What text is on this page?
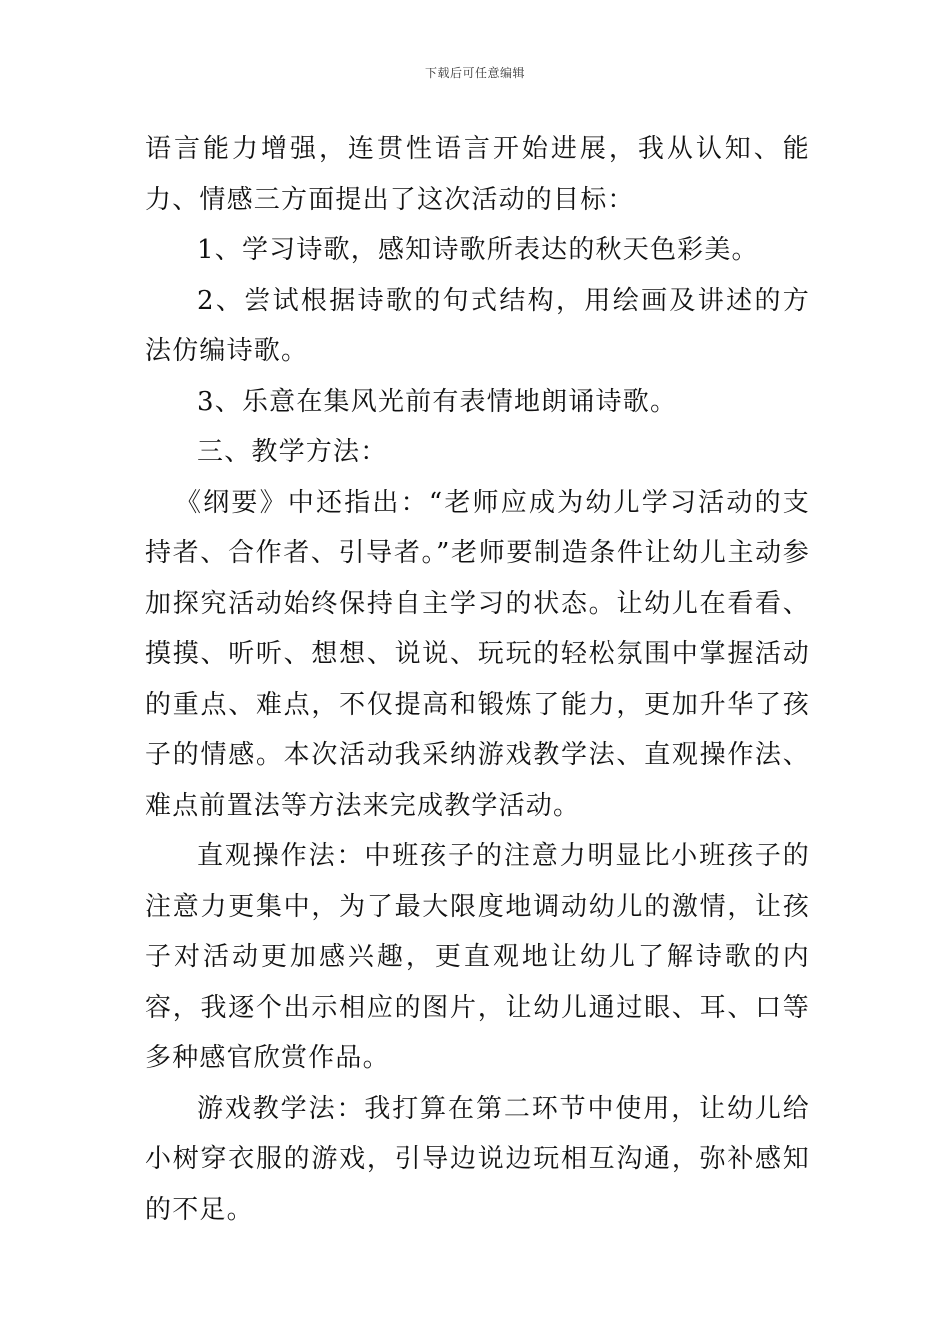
下载后可任意编辑

语言能力增强，连贯性语言开始进展，我从认知、能力、情感三方面提出了这次活动的目标：

1、学习诗歌，感知诗歌所表达的秋天色彩美。

2、尝试根据诗歌的句式结构，用绘画及讲述的方法仿编诗歌。

3、乐意在集风光前有表情地朗诵诗歌。

三、教学方法：

《纲要》中还指出：“老师应成为幼儿学习活动的支持者、合作者、引导者。”老师要制造条件让幼儿主动参加探究活动始终保持自主学习的状态。让幼儿在看看、摸摸、听听、想想、说说、玩玩的轻松氛围中掌握活动的重点、难点，不仅提高和锻炼了能力，更加升华了孩子的情感。本次活动我采纳游戏教学法、直观操作法、难点前置法等方法来完成教学活动。

直观操作法：中班孩子的注意力明显比小班孩子的注意力更集中，为了最大限度地调动幼儿的激情，让孩子对活动更加感兴趣，更直观地让幼儿了解诗歌的内容，我逐个出示相应的图片，让幼儿通过眼、耳、口等多种感官欣赏作品。

游戏教学法：我打算在第二环节中使用，让幼儿给小树穿衣服的游戏，引导边说边玩相互沟通，弥补感知的不足。
